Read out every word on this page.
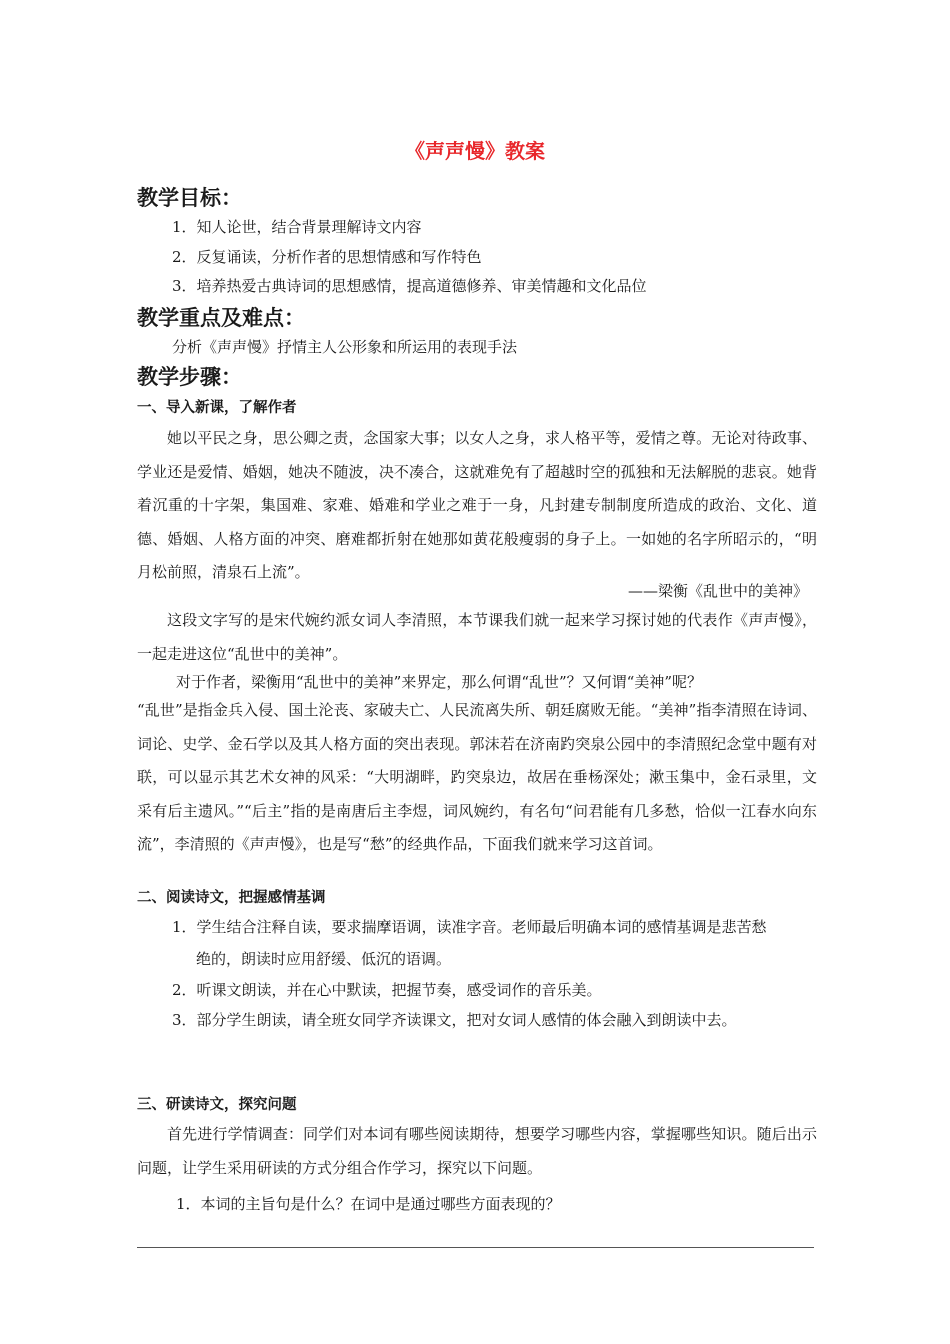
《声声慢》教案
教学目标：
1．知人论世，结合背景理解诗文内容
2．反复诵读，分析作者的思想情感和写作特色
3．培养热爱古典诗词的思想感情，提高道德修养、审美情趣和文化品位
教学重点及难点：
分析《声声慢》抒情主人公形象和所运用的表现手法
教学步骤：
一、导入新课，了解作者

她以平民之身，思公卿之责，念国家大事；以女人之身，求人格平等，爱情之尊。无论对待政事、学业还是爱情、婚姻，她决不随波，决不凑合，这就难免有了超越时空的孤独和无法解脱的悲哀。她背着沉重的十字架，集国难、家难、婚难和学业之难于一身，凡封建专制制度所造成的政治、文化、道德、婚姻、人格方面的冲突、磨难都折射在她那如黄花般瘦弱的身子上。一如她的名字所昭示的，“明月松前照，清泉石上流”。

——梁衡《乱世中的美神》

这段文字写的是宋代婉约派女词人李清照，本节课我们就一起来学习探讨她的代表作《声声慢》，一起走进这位“乱世中的美神”。

对于作者，梁衡用“乱世中的美神”来界定，那么何谓“乱世”？又何谓“美神”呢？

“乱世”是指金兵入侵、国土沦丧、家破夫亡、人民流离失所、朝廷腐败无能。“美神”指李清照在诗词、词论、史学、金石学以及其人格方面的突出表现。郭沫若在济南趵突泉公园中的李清照纪念堂中题有对联，可以显示其艺术女神的风采：“大明湖畔，趵突泉边，故居在垂杨深处；漱玉集中，金石录里，文采有后主遗风。”“后主”指的是南唐后主李煜，词风婉约，有名句“问君能有几多愁，恰似一江春水向东流”，李清照的《声声慢》，也是写“愁”的经典作品，下面我们就来学习这首词。

二、阅读诗文，把握感情基调
1．学生结合注释自读，要求揣摩语调，读准字音。老师最后明确本词的感情基调是悲苦愁
绝的，朗读时应用舒缓、低沉的语调。
2．听课文朗读，并在心中默读，把握节奏，感受词作的音乐美。
3．部分学生朗读，请全班女同学齐读课文，把对女词人感情的体会融入到朗读中去。
三、研读诗文，探究问题

首先进行学情调查：同学们对本词有哪些阅读期待，想要学习哪些内容，掌握哪些知识。随后出示问题，让学生采用研读的方式分组合作学习，探究以下问题。

1．本词的主旨句是什么？在词中是通过哪些方面表现的？
